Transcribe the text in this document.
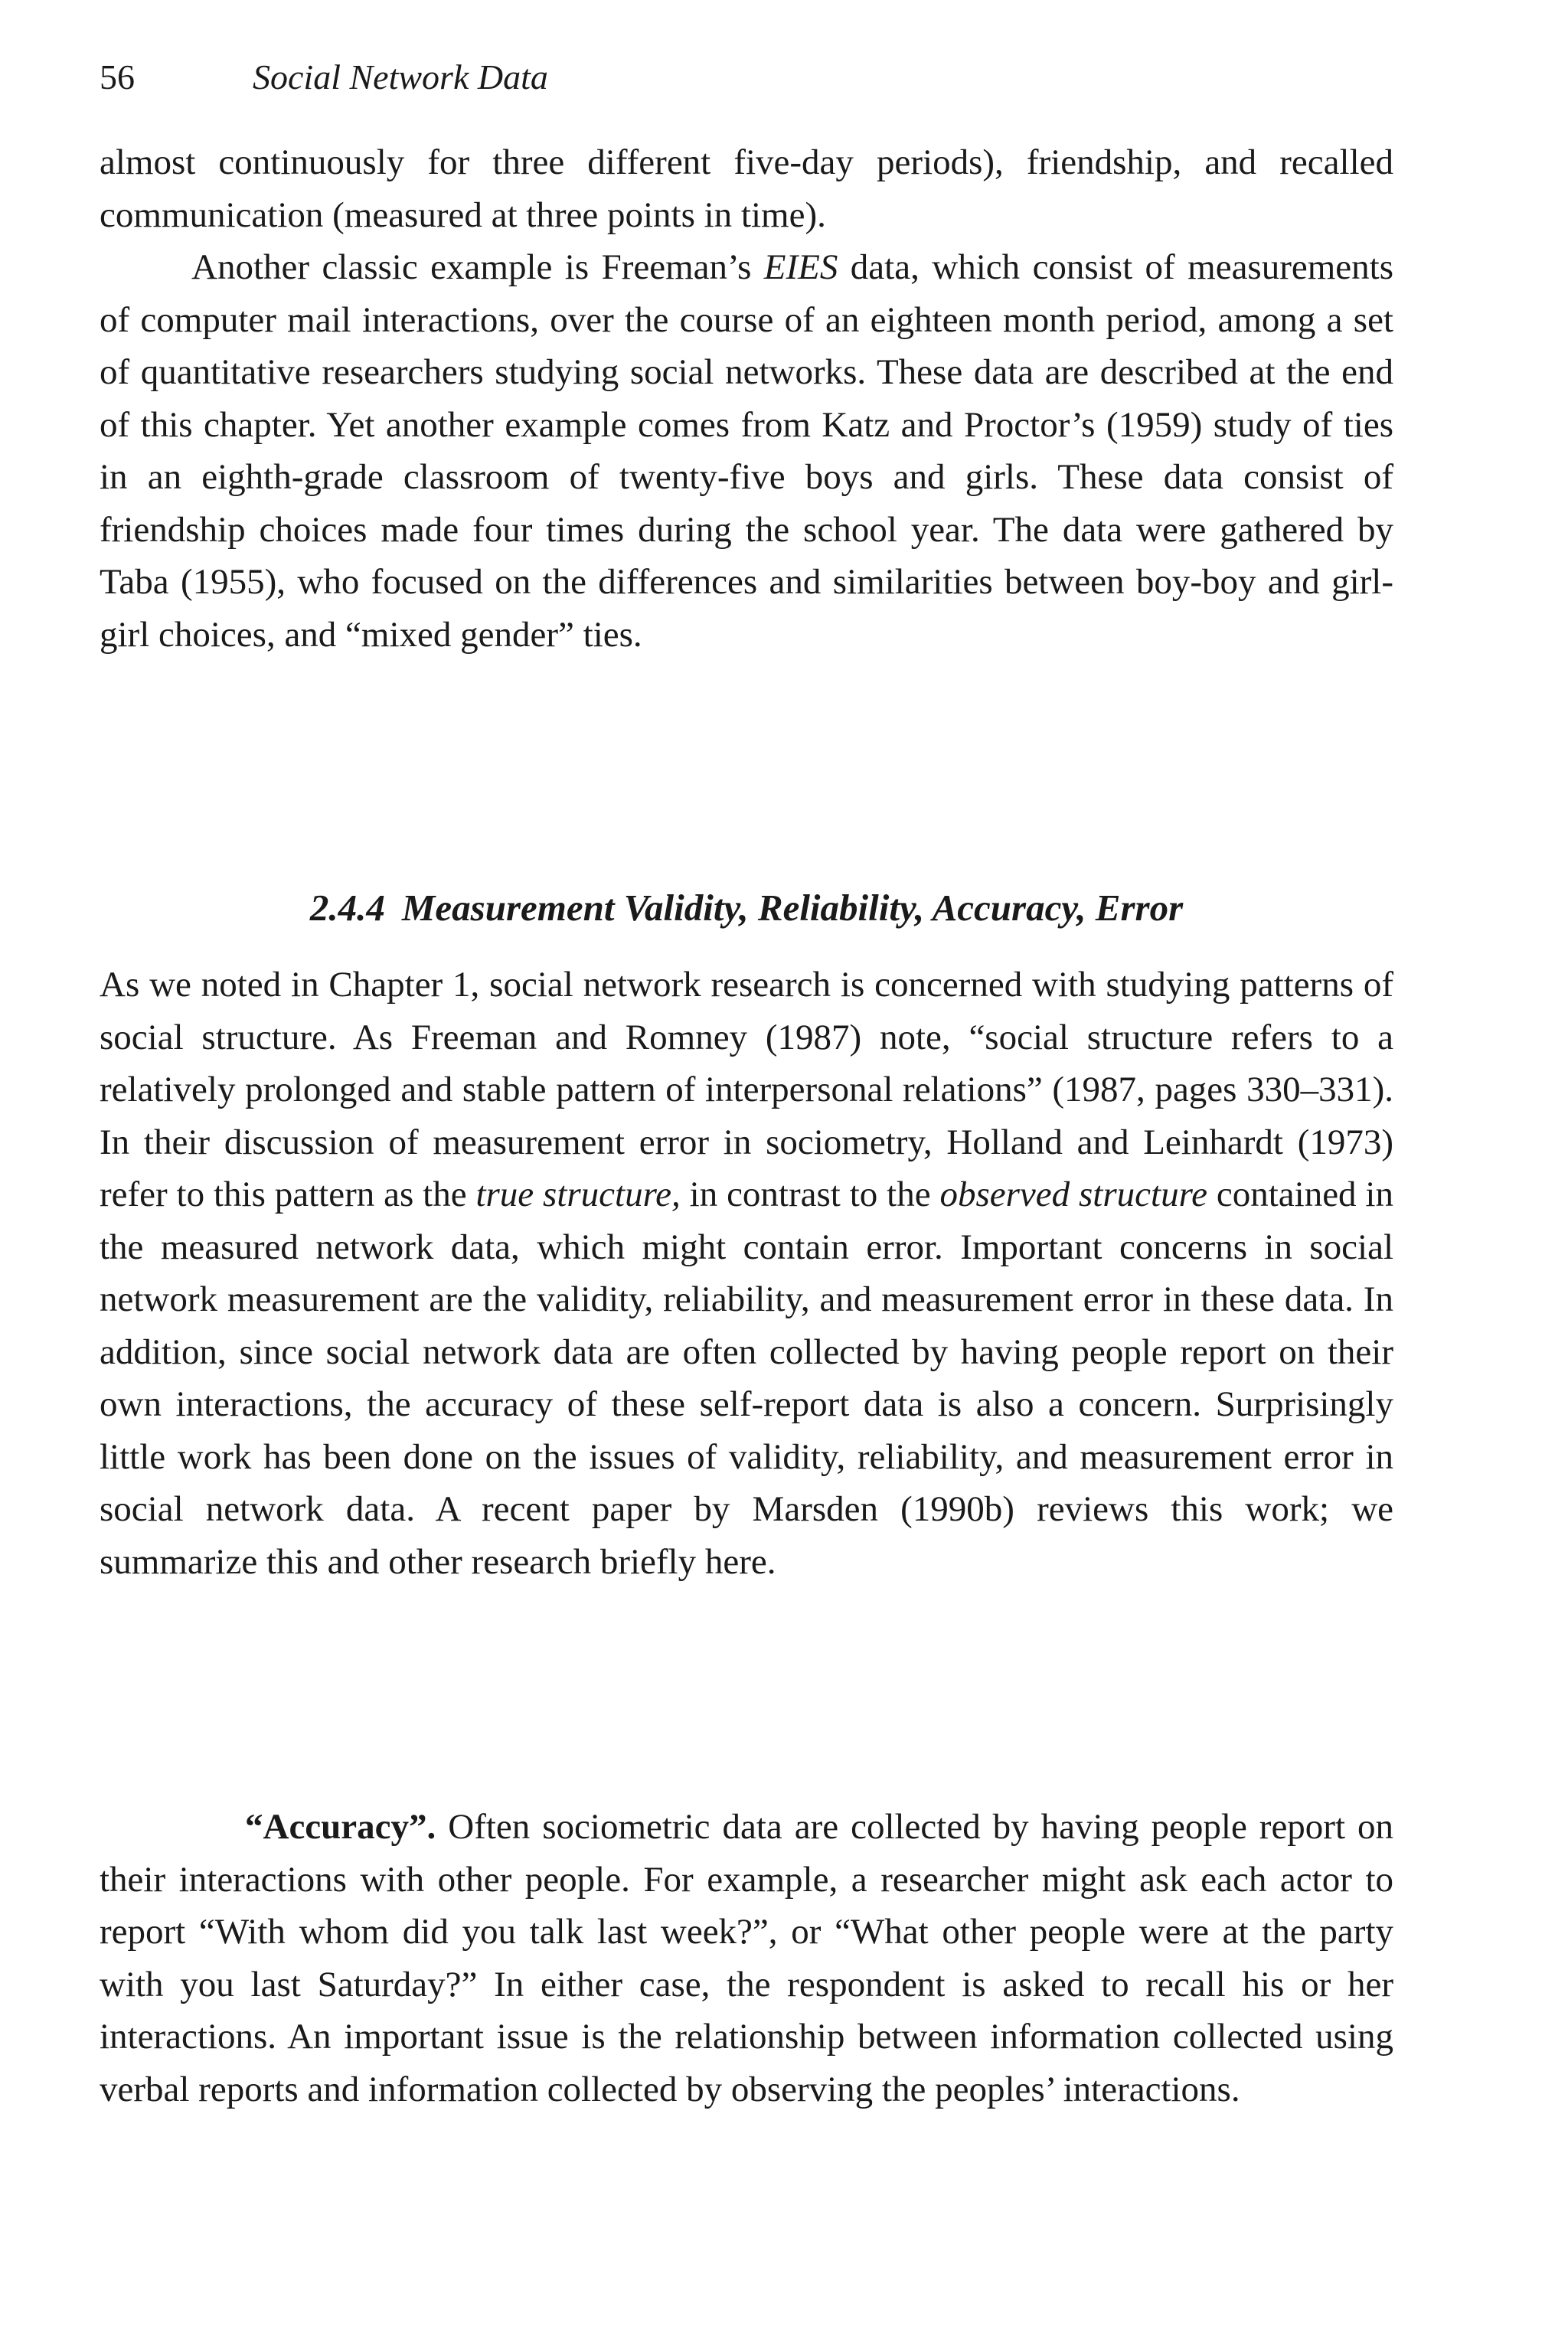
56	Social Network Data

almost continuously for three different five-day periods), friendship, and recalled communication (measured at three points in time).

Another classic example is Freeman’s EIES data, which consist of measurements of computer mail interactions, over the course of an eighteen month period, among a set of quantitative researchers studying social networks. These data are described at the end of this chapter. Yet another example comes from Katz and Proctor’s (1959) study of ties in an eighth-grade classroom of twenty-five boys and girls. These data consist of friendship choices made four times during the school year. The data were gathered by Taba (1955), who focused on the differences and similarities between boy-boy and girl-girl choices, and “mixed gender” ties.

2.4.4 Measurement Validity, Reliability, Accuracy, Error

As we noted in Chapter 1, social network research is concerned with studying patterns of social structure. As Freeman and Romney (1987) note, “social structure refers to a relatively prolonged and stable pattern of interpersonal relations” (1987, pages 330–331). In their discussion of measurement error in sociometry, Holland and Leinhardt (1973) refer to this pattern as the true structure, in contrast to the observed structure contained in the measured network data, which might contain error. Important concerns in social network measurement are the validity, reliability, and measurement error in these data. In addition, since social network data are often collected by having people report on their own interactions, the accuracy of these self-report data is also a concern. Surprisingly little work has been done on the issues of validity, reliability, and measurement error in social network data. A recent paper by Marsden (1990b) reviews this work; we summarize this and other research briefly here.

“Accuracy”. Often sociometric data are collected by having people report on their interactions with other people. For example, a researcher might ask each actor to report “With whom did you talk last week?”, or “What other people were at the party with you last Saturday?” In either case, the respondent is asked to recall his or her interactions. An important issue is the relationship between information collected using verbal reports and information collected by observing the peoples’ interactions.
